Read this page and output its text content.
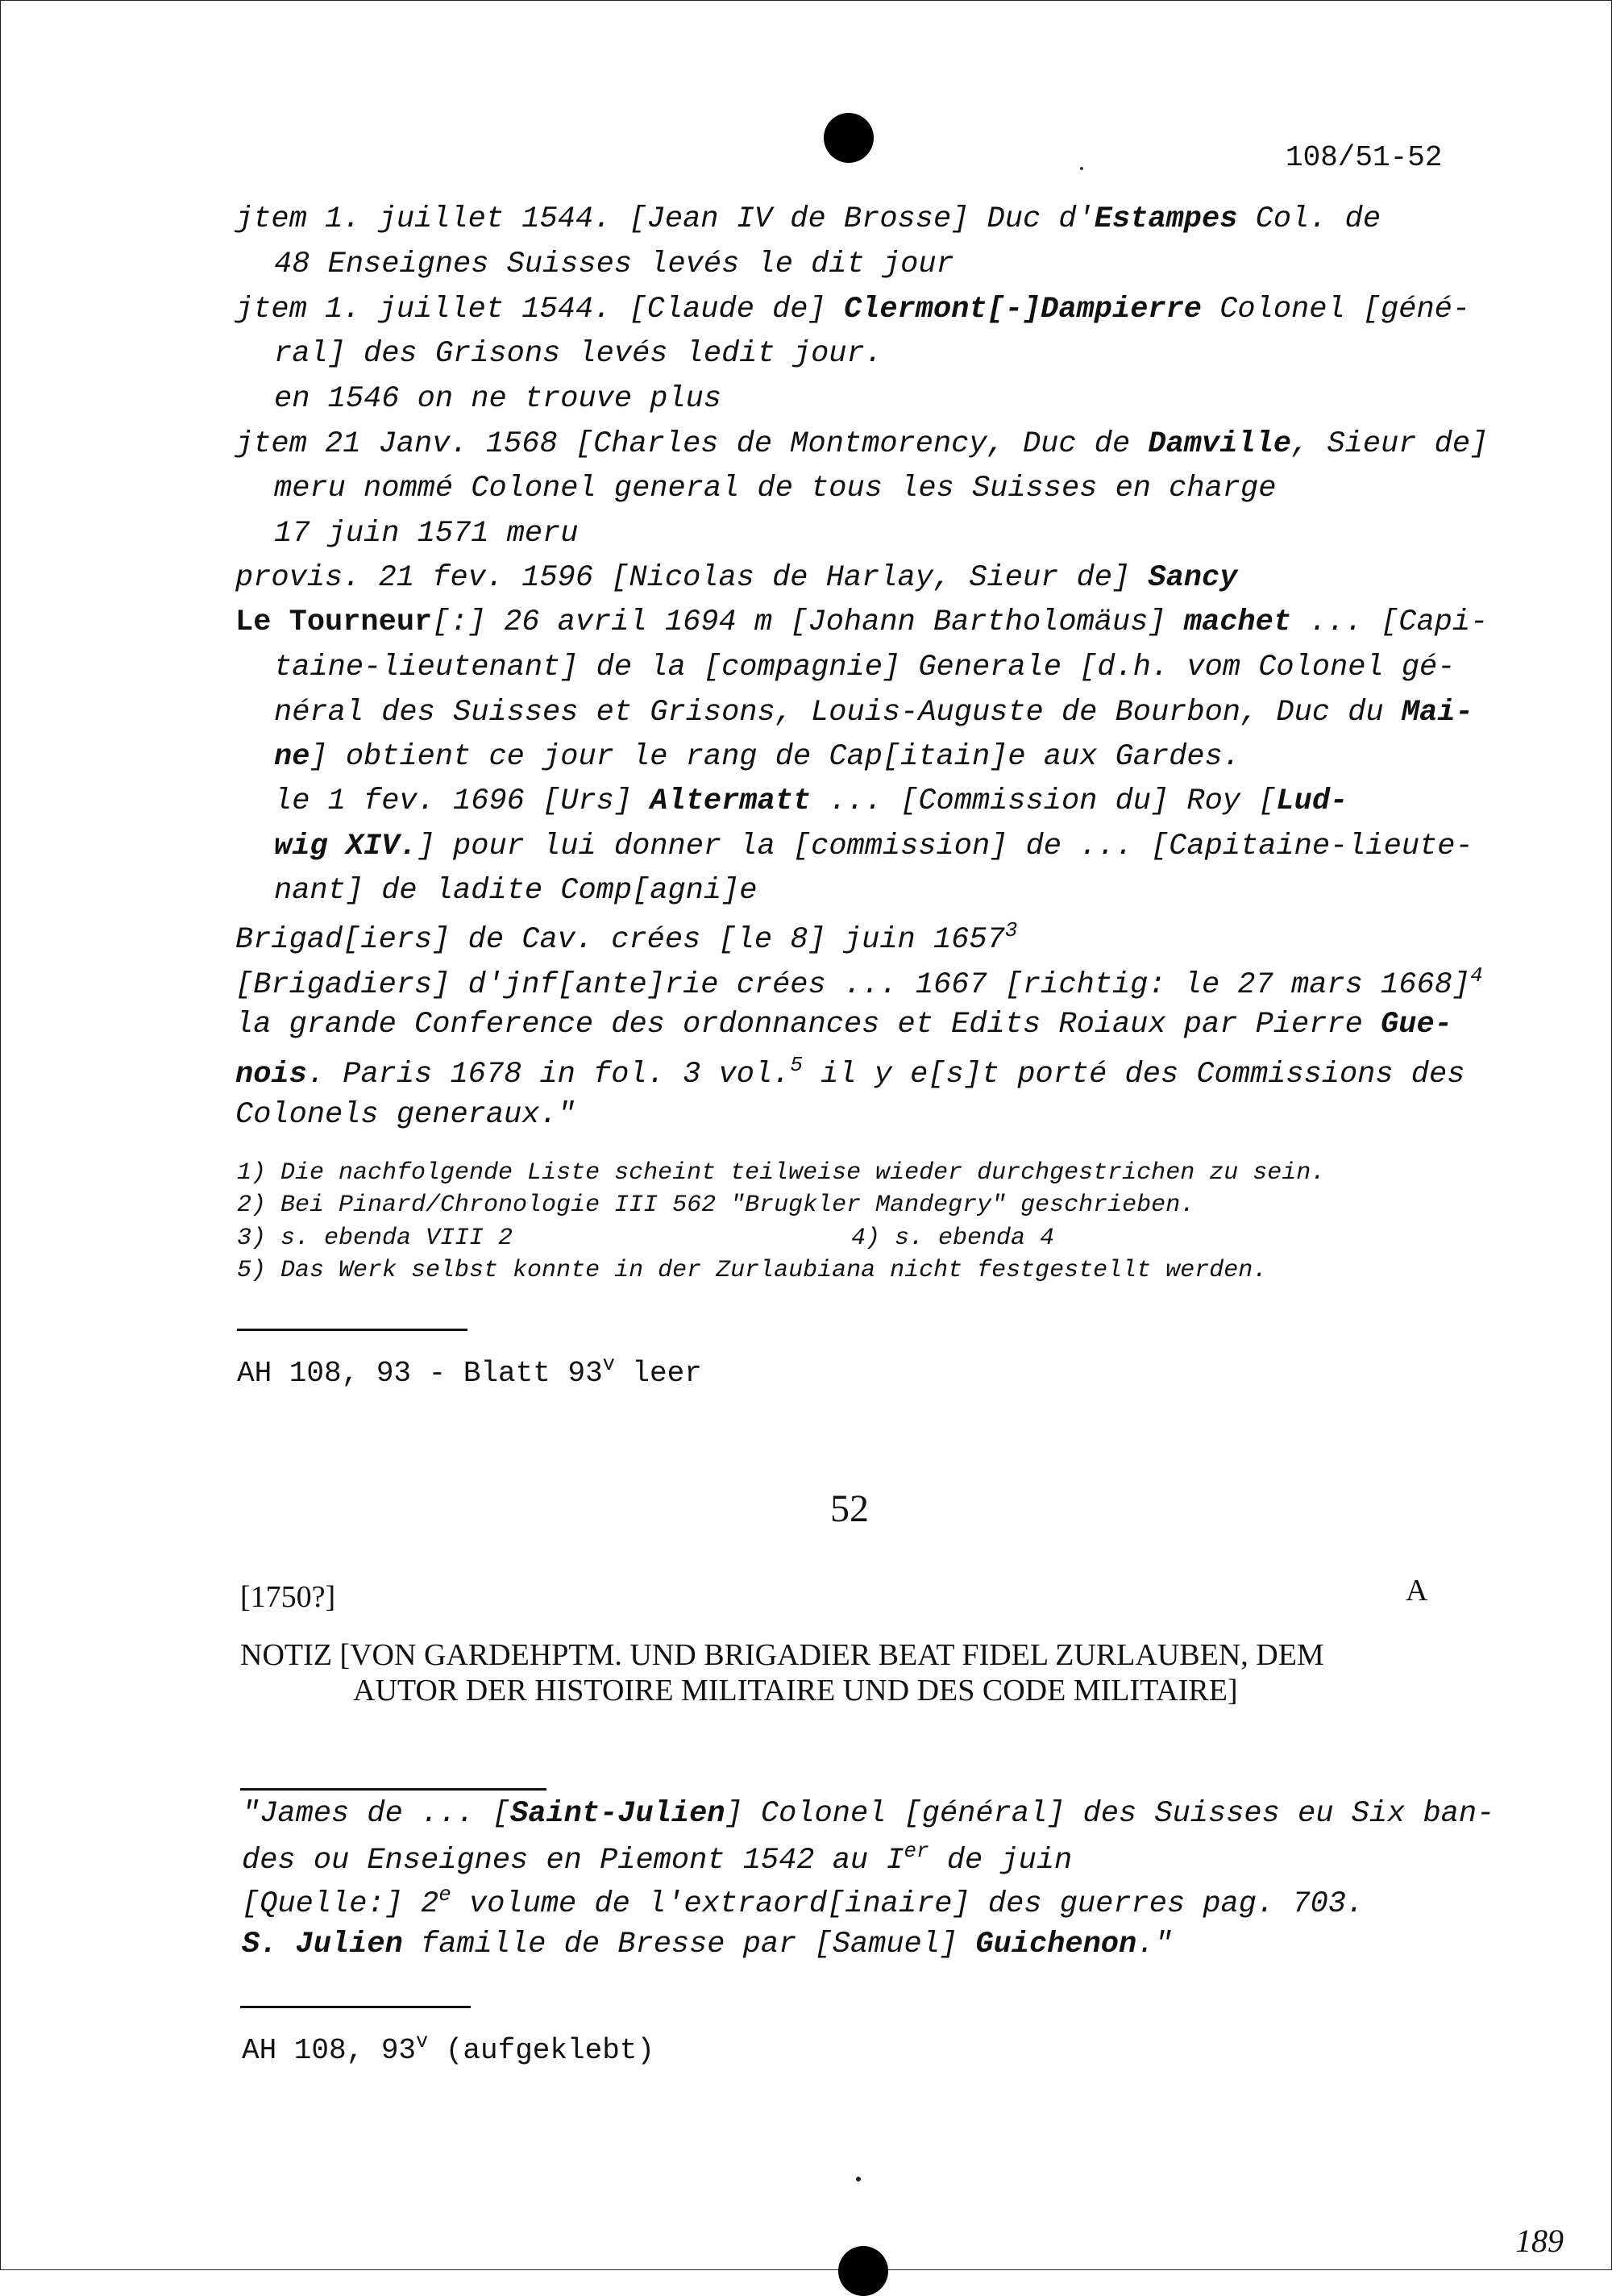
108/51-52
jtem 1. juillet 1544. [Jean IV de Brosse] Duc d'Estampes Col. de
48 Enseignes Suisses levés le dit jour
jtem 1. juillet 1544. [Claude de] Clermont[-]Dampierre Colonel [géné-
ral] des Grisons levés ledit jour.
en 1546 on ne trouve plus
jtem 21 Janv. 1568 [Charles de Montmorency, Duc de Damville, Sieur de]
meru nommé Colonel general de tous les Suisses en charge
17 juin 1571 meru
provis. 21 fev. 1596 [Nicolas de Harlay, Sieur de] Sancy
Le Tourneur[:] 26 avril 1694 m [Johann Bartholomäus] machet ... [Capi-
taine-lieutenant] de la [compagnie] Generale [d.h. vom Colonel gé-
néral des Suisses et Grisons, Louis-Auguste de Bourbon, Duc du Mai-
ne] obtient ce jour le rang de Cap[itain]e aux Gardes.
le 1 fev. 1696 [Urs] Altermatt ... [Commission du] Roy [Lud-
wig XIV.] pour lui donner la [commission] de ... [Capitaine-lieute-
nant] de ladite Comp[agni]e
Brigad[iers] de Cav. crées [le 8] juin 1657$^3$
[Brigadiers] d'jnf[ante]rie crées ... 1667 [richtig: le 27 mars 1668]$^4$
la grande Conference des ordonnances et Edits Roiaux par Pierre Gue-
nois. Paris 1678 in fol. 3 vol.$^5$ il y e[s]t porté des Commissions des
Colonels generaux."
1) Die nachfolgende Liste scheint teilweise wieder durchgestrichen zu sein.
2) Bei Pinard/Chronologie III 562 "Brugkler Mandegry" geschrieben.
3) s. ebenda VIII 2	4) s. ebenda 4
5) Das Werk selbst konnte in der Zurlaubiana nicht festgestellt werden.
AH 108, 93 - Blatt 93$^v$ leer
52
[1750?]	A
NOTIZ [VON GARDEHPTM. UND BRIGADIER BEAT FIDEL ZURLAUBEN, DEM
AUTOR DER HISTOIRE MILITAIRE UND DES CODE MILITAIRE]
"James de ... [Saint-Julien] Colonel [général] des Suisses eu Six ban-
des ou Enseignes en Piemont 1542 au Ier de juin
[Quelle:] 2e volume de l'extraord[inaire] des guerres pag. 703.
S. Julien famille de Bresse par [Samuel] Guichenon."
AH 108, 93$^v$ (aufgeklebt)
189
